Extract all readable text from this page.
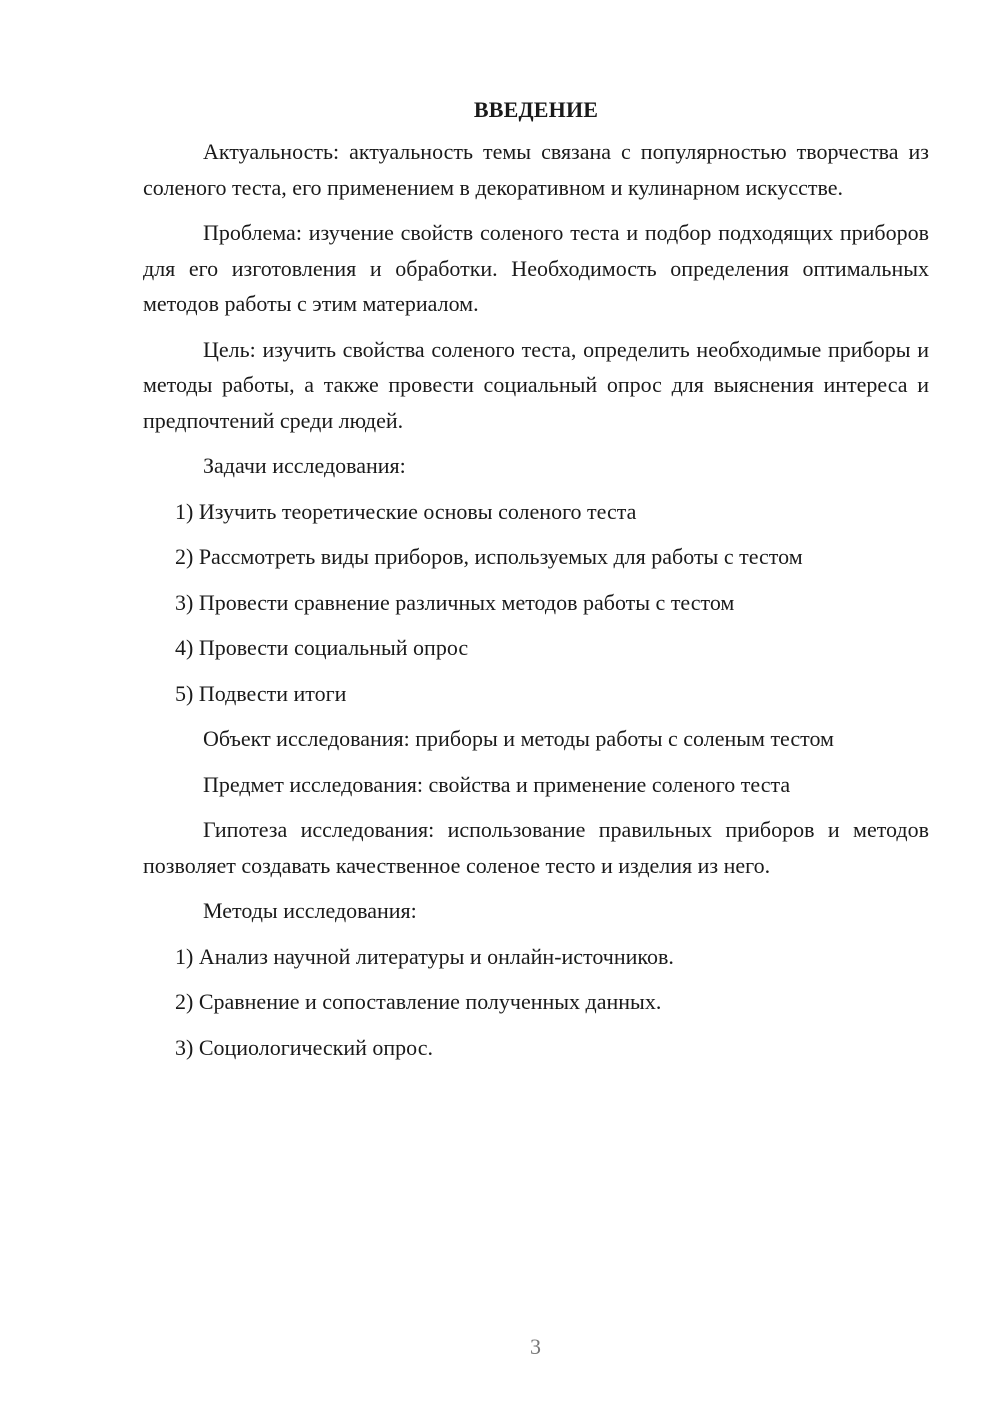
ВВЕДЕНИЕ

Актуальность: актуальность темы связана с популярностью творчества из соленого теста, его применением в декоративном и кулинарном искусстве.

Проблема: изучение свойств соленого теста и подбор подходящих приборов для его изготовления и обработки. Необходимость определения оптимальных методов работы с этим материалом.

Цель: изучить свойства соленого теста, определить необходимые приборы и методы работы, а также провести социальный опрос для выяснения интереса и предпочтений среди людей.

Задачи исследования:

1) Изучить теоретические основы соленого теста

2) Рассмотреть виды приборов, используемых для работы с тестом

3) Провести сравнение различных методов работы с тестом

4) Провести социальный опрос

5) Подвести итоги

Объект исследования: приборы и методы работы с соленым тестом

Предмет исследования: свойства и применение соленого теста

Гипотеза исследования: использование правильных приборов и методов позволяет создавать качественное соленое тесто и изделия из него.

Методы исследования:

1) Анализ научной литературы и онлайн-источников.

2) Сравнение и сопоставление полученных данных.

3) Социологический опрос.

3
